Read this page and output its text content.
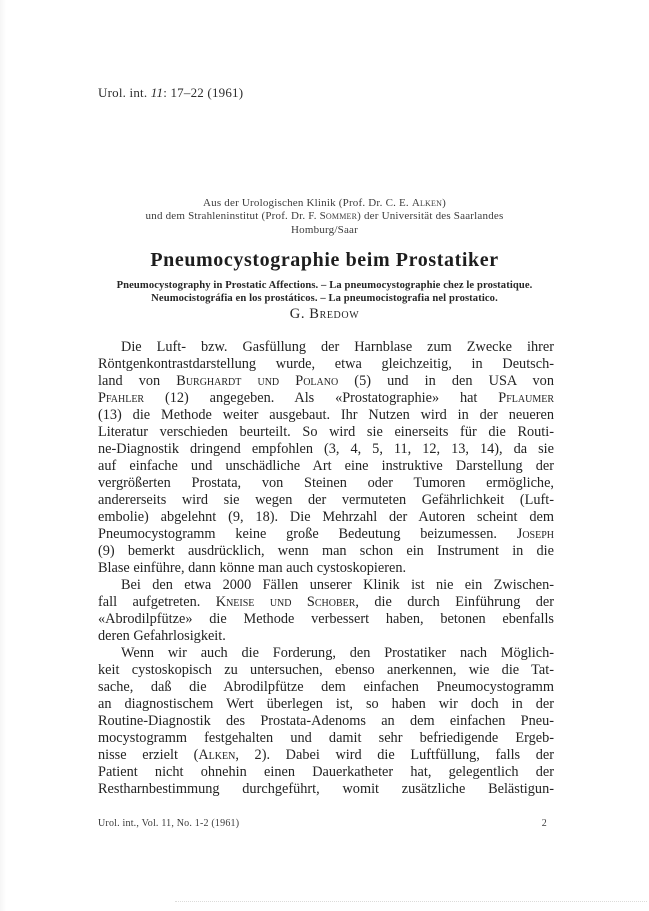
Urol. int. 11: 17–22 (1961)
Aus der Urologischen Klinik (Prof. Dr. C. E. Alken)
und dem Strahleninstitut (Prof. Dr. F. Sommer) der Universität des Saarlandes
Homburg/Saar
Pneumocystographie beim Prostatiker
Pneumocystography in Prostatic Affections. – La pneumocystographie chez le prostatique.
Neumocistográfia en los prostáticos. – La pneumocistografia nel prostatico.
G. Bredow
Die Luft- bzw. Gasfüllung der Harnblase zum Zwecke ihrer
Röntgenkontrastdarstellung wurde, etwa gleichzeitig, in Deutsch-
land von Burghardt und Polano (5) und in den USA von
Pfahler (12) angegeben. Als «Prostatographie» hat Pflaumer
(13) die Methode weiter ausgebaut. Ihr Nutzen wird in der neueren
Literatur verschieden beurteilt. So wird sie einerseits für die Routi-
ne-Diagnostik dringend empfohlen (3, 4, 5, 11, 12, 13, 14), da sie
auf einfache und unschädliche Art eine instruktive Darstellung der
vergrößerten Prostata, von Steinen oder Tumoren ermögliche,
andererseits wird sie wegen der vermuteten Gefährlichkeit (Luft-
embolie) abgelehnt (9, 18). Die Mehrzahl der Autoren scheint dem
Pneumocystogramm keine große Bedeutung beizumessen. Joseph
(9) bemerkt ausdrücklich, wenn man schon ein Instrument in die
Blase einführe, dann könne man auch cystoskopieren.
Bei den etwa 2000 Fällen unserer Klinik ist nie ein Zwischen-
fall aufgetreten. Kneise und Schober, die durch Einführung der
«Abrodilpfütze» die Methode verbessert haben, betonen ebenfalls
deren Gefahrlosigkeit.
Wenn wir auch die Forderung, den Prostatiker nach Möglich-
keit cystoskopisch zu untersuchen, ebenso anerkennen, wie die Tat-
sache, daß die Abrodilpfütze dem einfachen Pneumocystogramm
an diagnostischem Wert überlegen ist, so haben wir doch in der
Routine-Diagnostik des Prostata-Adenoms an dem einfachen Pneu-
mocystogramm festgehalten und damit sehr befriedigende Ergeb-
nisse erzielt (Alken, 2). Dabei wird die Luftfüllung, falls der
Patient nicht ohnehin einen Dauerkatheter hat, gelegentlich der
Restharnbestimmung durchgeführt, womit zusätzliche Belästigun-
Urol. int., Vol. 11, No. 1-2 (1961)	2
